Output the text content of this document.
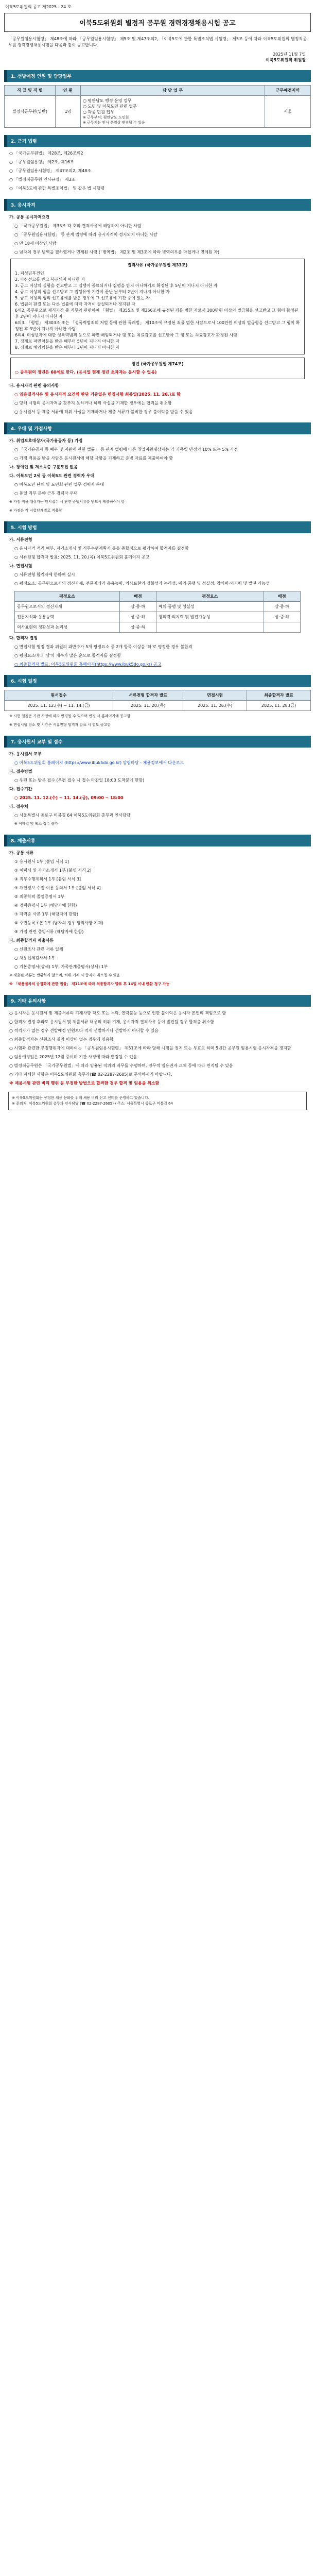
이북5도위원회 공고 제2025 - 24 호
이북5도위원회 별정직 공무원 경력경쟁채용시험 공고
「공무원임용시험령」 제48조에 따라 「공무원임용시험령」 제5조 및 제47조의2, 「이북5도에 관한 특별조치법 시행령」 제5조 등에 따라 이북5도위원회 별정직공무원 경력경쟁채용시험을 다음과 같이 공고합니다.
2025년 11월 7일
이북5도위원회 위원장
1. 선발예정 인원 및 담당업무
직 급 및 직 렬	인 원	담 당 업 무	근무예정지역
별정직공무원(일반)	1명	○ 평안남도 행정 운영 업무
○ 도민 및 이북도민 관련 업무
○ 각종 민원 업무
※ 근무부서: 평안남도 도민회
※ 근무지는 인사 운영상 변경될 수 있음	서울
2. 근거 법령

○ 「국가공무원법」 제28조, 제26조의2

○ 「공무원임용령」 제2조, 제16조

○ 「공무원임용시험령」 제47조의2, 제48조

○ 「별정직공무원 인사규정」 제3조

○ 「이북5도에 관한 특별조치법」 및 같은 법 시행령

3. 응시자격

가. 공통 응시자격요건

○ 「국가공무원법」 제33조 각 호의 결격사유에 해당하지 아니한 사람

○ 「공무원임용시험령」 등 관계 법령에 따라 응시자격이 정지되지 아니한 사람

○ 만 18세 이상인 사람

○ 남자의 경우 병역을 필하였거나 면제된 사람 (「병역법」 제2조 및 제3조에 따라 병역의무를 마쳤거나 면제된 자)

결격사유 (국가공무원법 제33조)
1. 피성년후견인
2. 파산선고를 받고 복권되지 아니한 자
3. 금고 이상의 실형을 선고받고 그 집행이 종료되거나 집행을 받지 아니하기로 확정된 후 5년이 지나지 아니한 자
4. 금고 이상의 형을 선고받고 그 집행유예 기간이 끝난 날부터 2년이 지나지 아니한 자
5. 금고 이상의 형의 선고유예를 받은 경우에 그 선고유예 기간 중에 있는 자
6. 법원의 판결 또는 다른 법률에 따라 자격이 상실되거나 정지된 자
6의2. 공무원으로 재직기간 중 직무와 관련하여 「형법」 제355조 및 제356조에 규정된 죄를 범한 자로서 300만원 이상의 벌금형을 선고받고 그 형이 확정된 후 2년이 지나지 아니한 자
6의3. 「형법」 제303조 또는 「성폭력범죄의 처벌 등에 관한 특례법」 제10조에 규정된 죄를 범한 사람으로서 100만원 이상의 벌금형을 선고받고 그 형이 확정된 후 3년이 지나지 아니한 사람
6의4. 미성년자에 대한 성폭력범죄 등으로 파면·해임되거나 형 또는 치료감호를 선고받아 그 형 또는 치료감호가 확정된 사람
7. 징계로 파면처분을 받은 때부터 5년이 지나지 아니한 자
8. 징계로 해임처분을 받은 때부터 3년이 지나지 아니한 자
정년 (국가공무원법 제74조)
○ 공무원의 정년은 60세로 한다. (응시일 현재 정년 초과자는 응시할 수 없음)

나. 응시자격 관련 유의사항

○ 임용결격사유 및 응시자격 요건의 판단 기준일은 면접시험 최종일(2025. 11. 26.)로 함

○ 당해 시험의 응시자격을 갖추지 못하거나 허위 사실을 기재한 경우에는 합격을 취소함

○ 응시원서 등 제출 서류에 허위 사실을 기재하거나 제출 서류가 불비한 경우 불이익을 받을 수 있음

4. 우대 및 가점사항

가. 취업보호대상자(국가유공자 등) 가점

○ 「국가유공자 등 예우 및 지원에 관한 법률」 등 관계 법령에 따른 취업지원대상자는 각 과목별 만점의 10% 또는 5% 가점

○ 가점 적용을 받을 사람은 응시원서에 해당 사항을 기재하고 증빙 자료를 제출하여야 함

나. 장애인 및 저소득층 구분모집 없음

다. 이북도민 2세 등 이북5도 관련 경력자 우대

○ 이북도민 단체 및 도민회 관련 업무 경력자 우대

○ 동일 직무 분야 근무 경력자 우대

※ 가점 적용 대상자는 원서접수 시 관련 증빙서류를 반드시 제출하여야 함

※ 가점은 각 시험단계별로 적용함

5. 시험 방법

가. 서류전형

○ 응시자격 적격 여부, 자기소개서 및 직무수행계획서 등을 종합적으로 평가하여 합격자를 결정함

○ 서류전형 합격자 발표: 2025. 11. 20.(목) 이북5도위원회 홈페이지 공고

나. 면접시험

○ 서류전형 합격자에 한하여 실시

○ 평정요소: 공무원으로서의 정신자세, 전문지식과 응용능력, 의사표현의 정확성과 논리성, 예의·품행 및 성실성, 창의력·의지력 및 발전 가능성

평정요소	배점	평정요소	배점
공무원으로서의 정신자세	상·중·하	예의·품행 및 성실성	상·중·하
전문지식과 응용능력	상·중·하	창의력·의지력 및 발전가능성	상·중·하
의사표현의 정확성과 논리성	상·중·하		

다. 합격자 결정

○ 면접시험 평정 결과 위원의 과반수가 5개 평정요소 중 2개 항목 이상을 '하'로 평정한 경우 불합격

○ 평정요소마다 '상'의 개수가 많은 순으로 합격자를 결정함

○ 최종합격자 발표: 이북5도위원회 홈페이지(https://www.ibuk5do.go.kr) 공고

6. 시험 일정
원서접수	서류전형 합격자 발표	면접시험	최종합격자 발표
2025. 11. 12.(수) ~ 11. 14.(금)	2025. 11. 20.(목)	2025. 11. 26.(수)	2025. 11. 28.(금)

※ 시험 일정은 기관 사정에 따라 변경될 수 있으며 변경 시 홈페이지에 공고함

※ 면접시험 장소 및 시간은 서류전형 합격자 발표 시 별도 공고함

7. 응시원서 교부 및 접수

가. 응시원서 교부

○ 이북5도위원회 홈페이지 (https://www.ibuk5do.go.kr) 알림마당 - 채용정보에서 다운로드

나. 접수방법

○ 우편 또는 방문 접수 (우편 접수 시 접수 마감일 18:00 도착분에 한함)

다. 접수기간

○ 2025. 11. 12.(수) ~ 11. 14.(금), 09:00 ~ 18:00

라. 접수처

○ 서울특별시 종로구 비봉길 64 이북5도위원회 총무과 인사담당

※ 이메일 및 팩스 접수 불가

8. 제출서류

가. 공통 서류

① 응시원서 1부 [붙임 서식 1]

② 이력서 및 자기소개서 1부 [붙임 서식 2]

③ 직무수행계획서 1부 [붙임 서식 3]

④ 개인정보 수집·이용 동의서 1부 [붙임 서식 4]

⑤ 최종학력 졸업증명서 1부

⑥ 경력증명서 1부 (해당자에 한함)

⑦ 자격증 사본 1부 (해당자에 한함)

⑧ 주민등록초본 1부 (남자의 경우 병적사항 기재)

⑨ 가점 관련 증빙서류 (해당자에 한함)

나. 최종합격자 제출서류

○ 신원조사 관련 서류 일체

○ 채용신체검사서 1부

○ 기본증명서(상세) 1부, 가족관계증명서(상세) 1부

※ 제출된 서류는 반환하지 않으며, 허위 기재 시 합격이 취소될 수 있음

※ 「채용절차의 공정화에 관한 법률」 제11조에 따라 최종합격자 발표 후 14일 이내 반환 청구 가능

9. 기타 유의사항

○ 응시자는 응시원서 및 제출서류의 기재사항 착오 또는 누락, 연락불능 등으로 인한 불이익은 응시자 본인의 책임으로 함

○ 합격자 결정 후라도 응시원서 및 제출서류 내용의 허위 기재, 응시자격 결격사유 등이 발견될 경우 합격을 취소함

○ 적격자가 없는 경우 선발예정 인원보다 적게 선발하거나 선발하지 아니할 수 있음

○ 최종합격자는 신원조사 결과 이상이 없는 경우에 임용함

○ 시험과 관련한 부정행위자에 대하여는 「공무원임용시험령」 제51조에 따라 당해 시험을 정지 또는 무효로 하며 5년간 공무원 임용시험 응시자격을 정지함

○ 임용예정일은 2025년 12월 중이며 기관 사정에 따라 변경될 수 있음

○ 별정직공무원은 「국가공무원법」에 따라 임용된 직위의 직무를 수행하며, 정무적 임용권자 교체 등에 따라 면직될 수 있음

○ 기타 자세한 사항은 이북5도위원회 총무과(☎ 02-2287-2605)로 문의하시기 바랍니다.

※ 채용시험 관련 비리 행위 등 부정한 방법으로 합격한 경우 합격 및 임용을 취소함

※ 이북5도위원회는 공정한 채용 문화를 위해 채용 비리 신고 센터를 운영하고 있습니다.
※ 문의처: 이북5도위원회 총무과 인사담당 (☎ 02-2287-2605) / 주소: 서울특별시 종로구 비봉길 64
